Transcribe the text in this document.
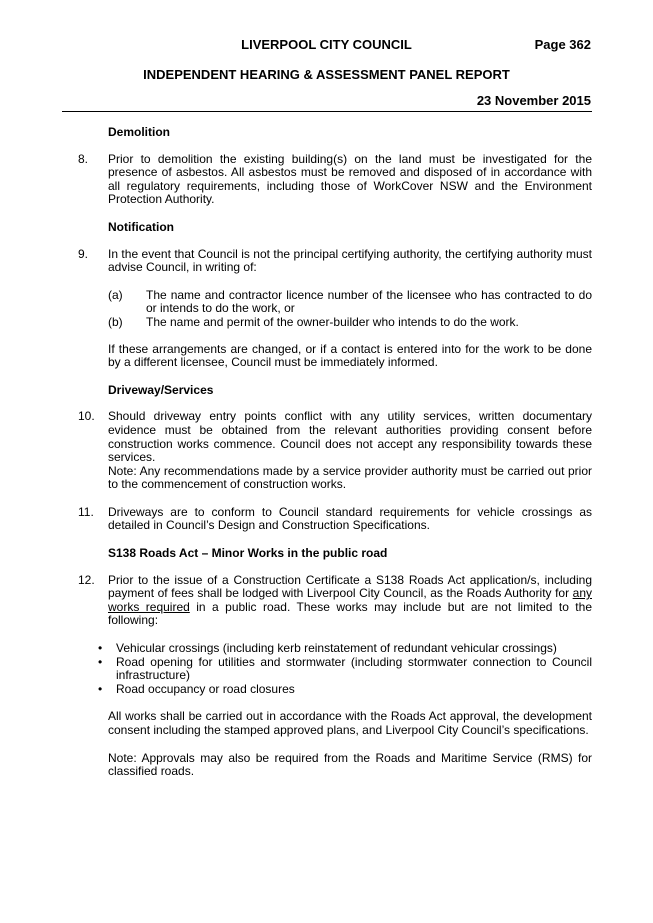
LIVERPOOL CITY COUNCIL	Page 362
INDEPENDENT HEARING & ASSESSMENT PANEL REPORT
23 November 2015
Demolition
8.	Prior to demolition the existing building(s) on the land must be investigated for the presence of asbestos. All asbestos must be removed and disposed of in accordance with all regulatory requirements, including those of WorkCover NSW and the Environment Protection Authority.
Notification
9.	In the event that Council is not the principal certifying authority, the certifying authority must advise Council, in writing of:
(a)	The name and contractor licence number of the licensee who has contracted to do or intends to do the work, or
(b)	The name and permit of the owner-builder who intends to do the work.
If these arrangements are changed, or if a contact is entered into for the work to be done by a different licensee, Council must be immediately informed.
Driveway/Services
10.	Should driveway entry points conflict with any utility services, written documentary evidence must be obtained from the relevant authorities providing consent before construction works commence. Council does not accept any responsibility towards these services.
Note: Any recommendations made by a service provider authority must be carried out prior to the commencement of construction works.
11.	Driveways are to conform to Council standard requirements for vehicle crossings as detailed in Council’s Design and Construction Specifications.
S138 Roads Act – Minor Works in the public road
12.	Prior to the issue of a Construction Certificate a S138 Roads Act application/s, including payment of fees shall be lodged with Liverpool City Council, as the Roads Authority for any works required in a public road. These works may include but are not limited to the following:
•	Vehicular crossings (including kerb reinstatement of redundant vehicular crossings)
•	Road opening for utilities and stormwater (including stormwater connection to Council infrastructure)
•	Road occupancy or road closures
All works shall be carried out in accordance with the Roads Act approval, the development consent including the stamped approved plans, and Liverpool City Council’s specifications.
Note: Approvals may also be required from the Roads and Maritime Service (RMS) for classified roads.
